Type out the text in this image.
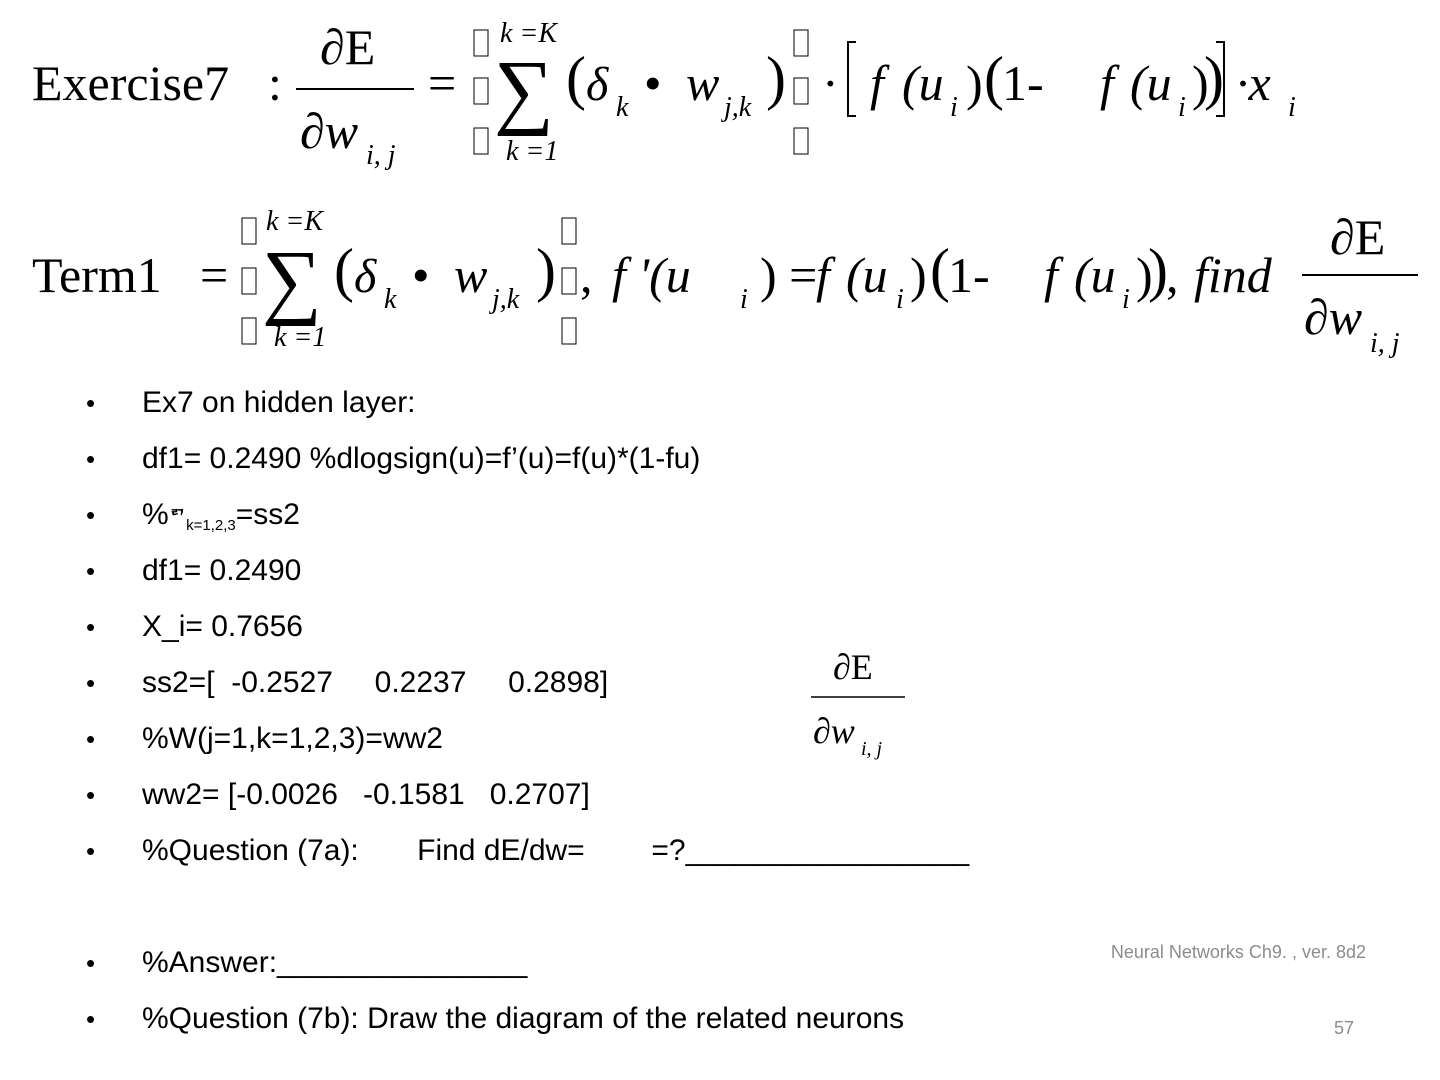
Exercise7 :
∂E
∂w i, j
=
k =K
∑
k =1
( δ k • w j,k ) · f (u i ) (
1- f (u i )
) ·x i
Term1 =
k =K
∑
k =1
( δ k • w j,k ) , f '(u i ) =
f (u i ) (
1- f (u i )
)
, find
∂E
∂w i, j
• Ex7 on hidden layer:
• df1= 0.2490 %dlogsign(u)=f’(u)=f(u)*(1-fu)
• %ᄅᄀ$_{k=1,2,3}$=ss2
• df1= 0.2490
• X_i= 0.7656
• ss2=[  -0.2527     0.2237     0.2898]
• %W(j=1,k=1,2,3)=ww2
• ww2= [-0.0026   -0.1581   0.2707]
• %Question (7a):       Find dE/dw=        =?_________________
• %Answer:_______________
• %Question (7b): Draw the diagram of the related neurons
∂E
∂w i, j
Neural Networks Ch9. , ver. 8d2
57
